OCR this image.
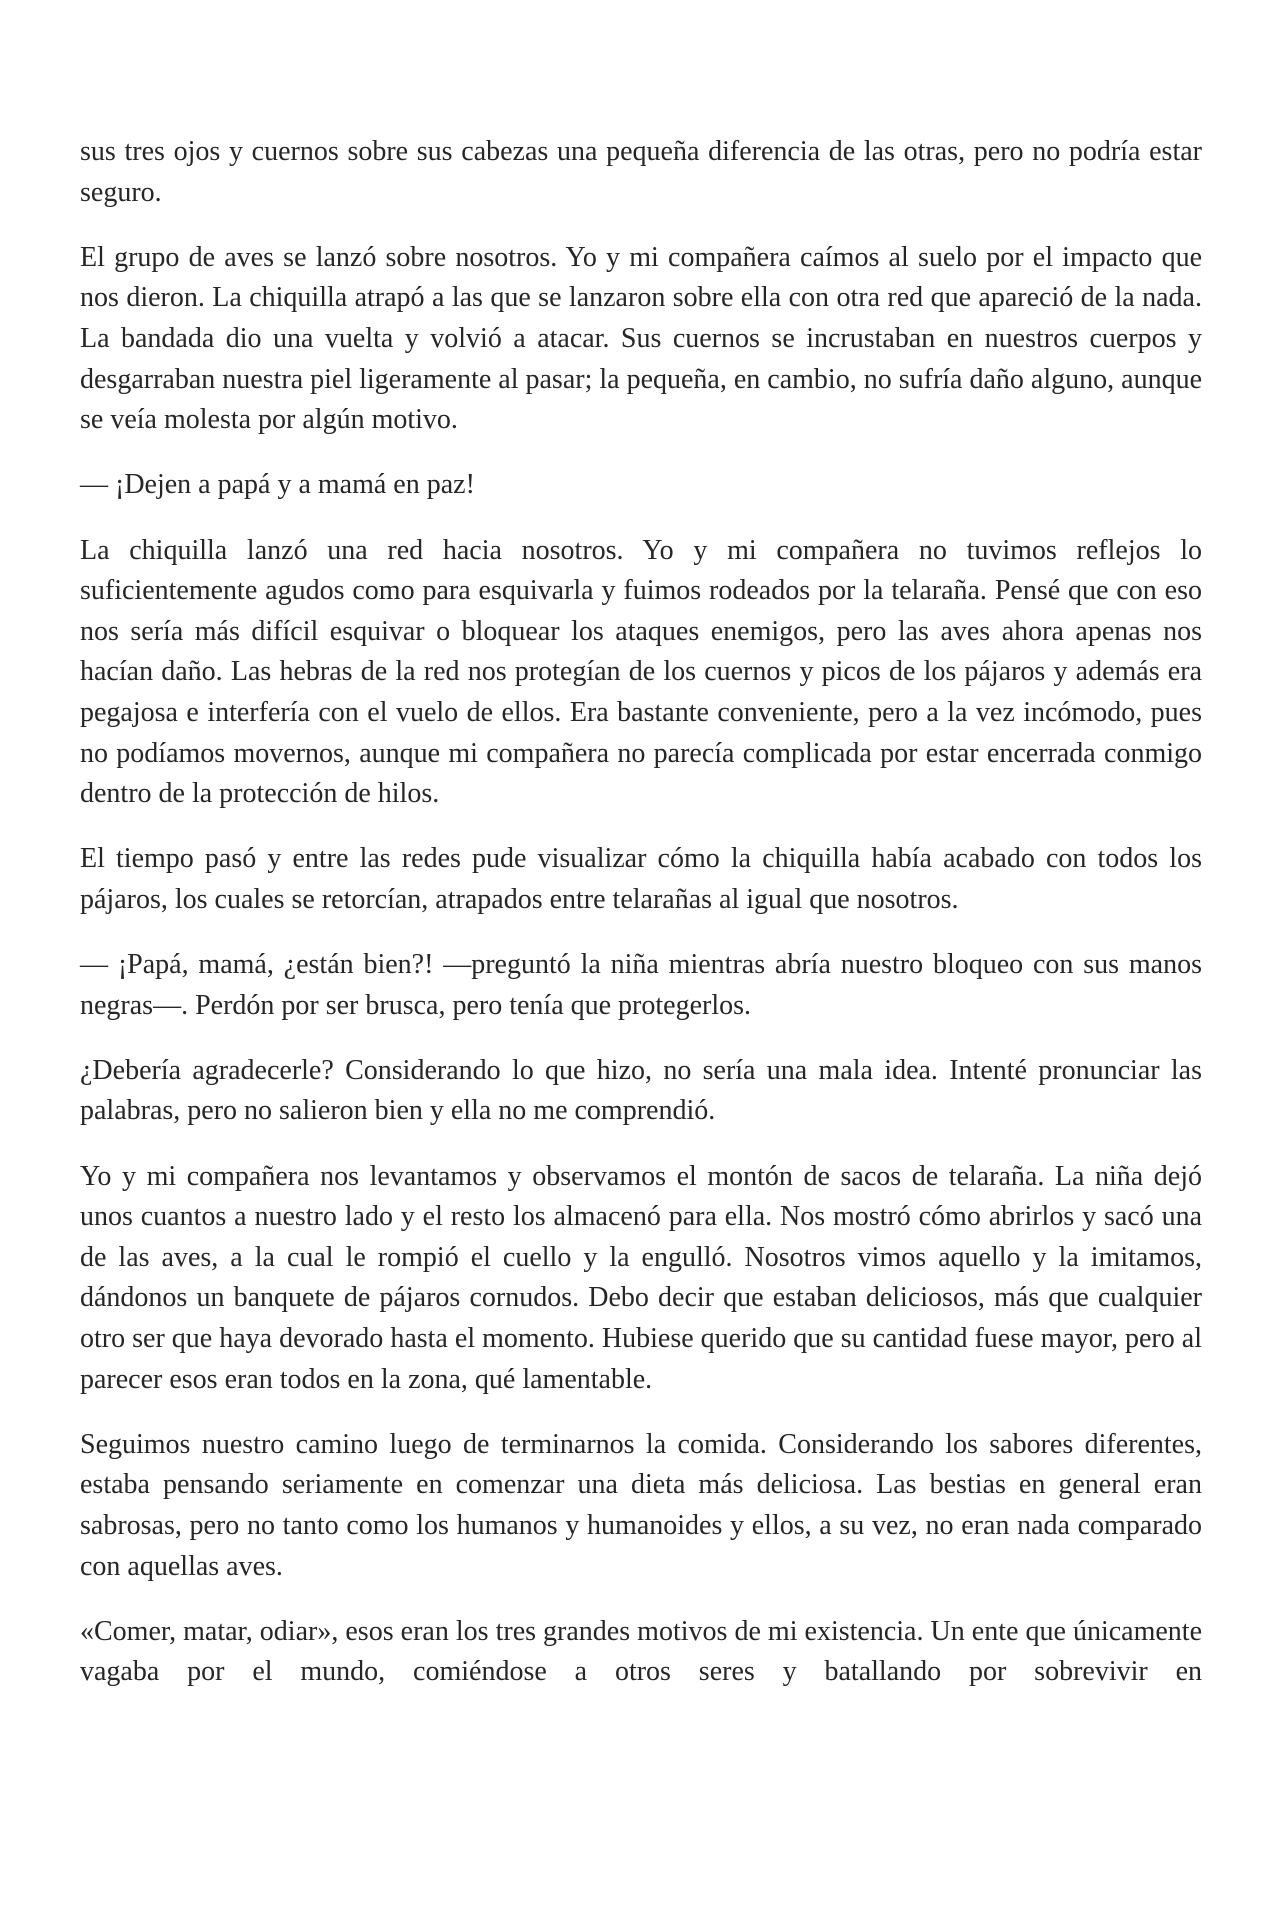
sus tres ojos y cuernos sobre sus cabezas una pequeña diferencia de las otras, pero no podría estar seguro.

El grupo de aves se lanzó sobre nosotros. Yo y mi compañera caímos al suelo por el impacto que nos dieron. La chiquilla atrapó a las que se lanzaron sobre ella con otra red que apareció de la nada. La bandada dio una vuelta y volvió a atacar. Sus cuernos se incrustaban en nuestros cuerpos y desgarraban nuestra piel ligeramente al pasar; la pequeña, en cambio, no sufría daño alguno, aunque se veía molesta por algún motivo.

— ¡Dejen a papá y a mamá en paz!

La chiquilla lanzó una red hacia nosotros. Yo y mi compañera no tuvimos reflejos lo suficientemente agudos como para esquivarla y fuimos rodeados por la telaraña. Pensé que con eso nos sería más difícil esquivar o bloquear los ataques enemigos, pero las aves ahora apenas nos hacían daño. Las hebras de la red nos protegían de los cuernos y picos de los pájaros y además era pegajosa e interfería con el vuelo de ellos. Era bastante conveniente, pero a la vez incómodo, pues no podíamos movernos, aunque mi compañera no parecía complicada por estar encerrada conmigo dentro de la protección de hilos.

El tiempo pasó y entre las redes pude visualizar cómo la chiquilla había acabado con todos los pájaros, los cuales se retorcían, atrapados entre telarañas al igual que nosotros.

— ¡Papá, mamá, ¿están bien?! —preguntó la niña mientras abría nuestro bloqueo con sus manos negras—. Perdón por ser brusca, pero tenía que protegerlos.

¿Debería agradecerle? Considerando lo que hizo, no sería una mala idea. Intenté pronunciar las palabras, pero no salieron bien y ella no me comprendió.

Yo y mi compañera nos levantamos y observamos el montón de sacos de telaraña. La niña dejó unos cuantos a nuestro lado y el resto los almacenó para ella. Nos mostró cómo abrirlos y sacó una de las aves, a la cual le rompió el cuello y la engulló. Nosotros vimos aquello y la imitamos, dándonos un banquete de pájaros cornudos. Debo decir que estaban deliciosos, más que cualquier otro ser que haya devorado hasta el momento. Hubiese querido que su cantidad fuese mayor, pero al parecer esos eran todos en la zona, qué lamentable.

Seguimos nuestro camino luego de terminarnos la comida. Considerando los sabores diferentes, estaba pensando seriamente en comenzar una dieta más deliciosa. Las bestias en general eran sabrosas, pero no tanto como los humanos y humanoides y ellos, a su vez, no eran nada comparado con aquellas aves.

«Comer, matar, odiar», esos eran los tres grandes motivos de mi existencia. Un ente que únicamente vagaba por el mundo, comiéndose a otros seres y batallando por sobrevivir en
